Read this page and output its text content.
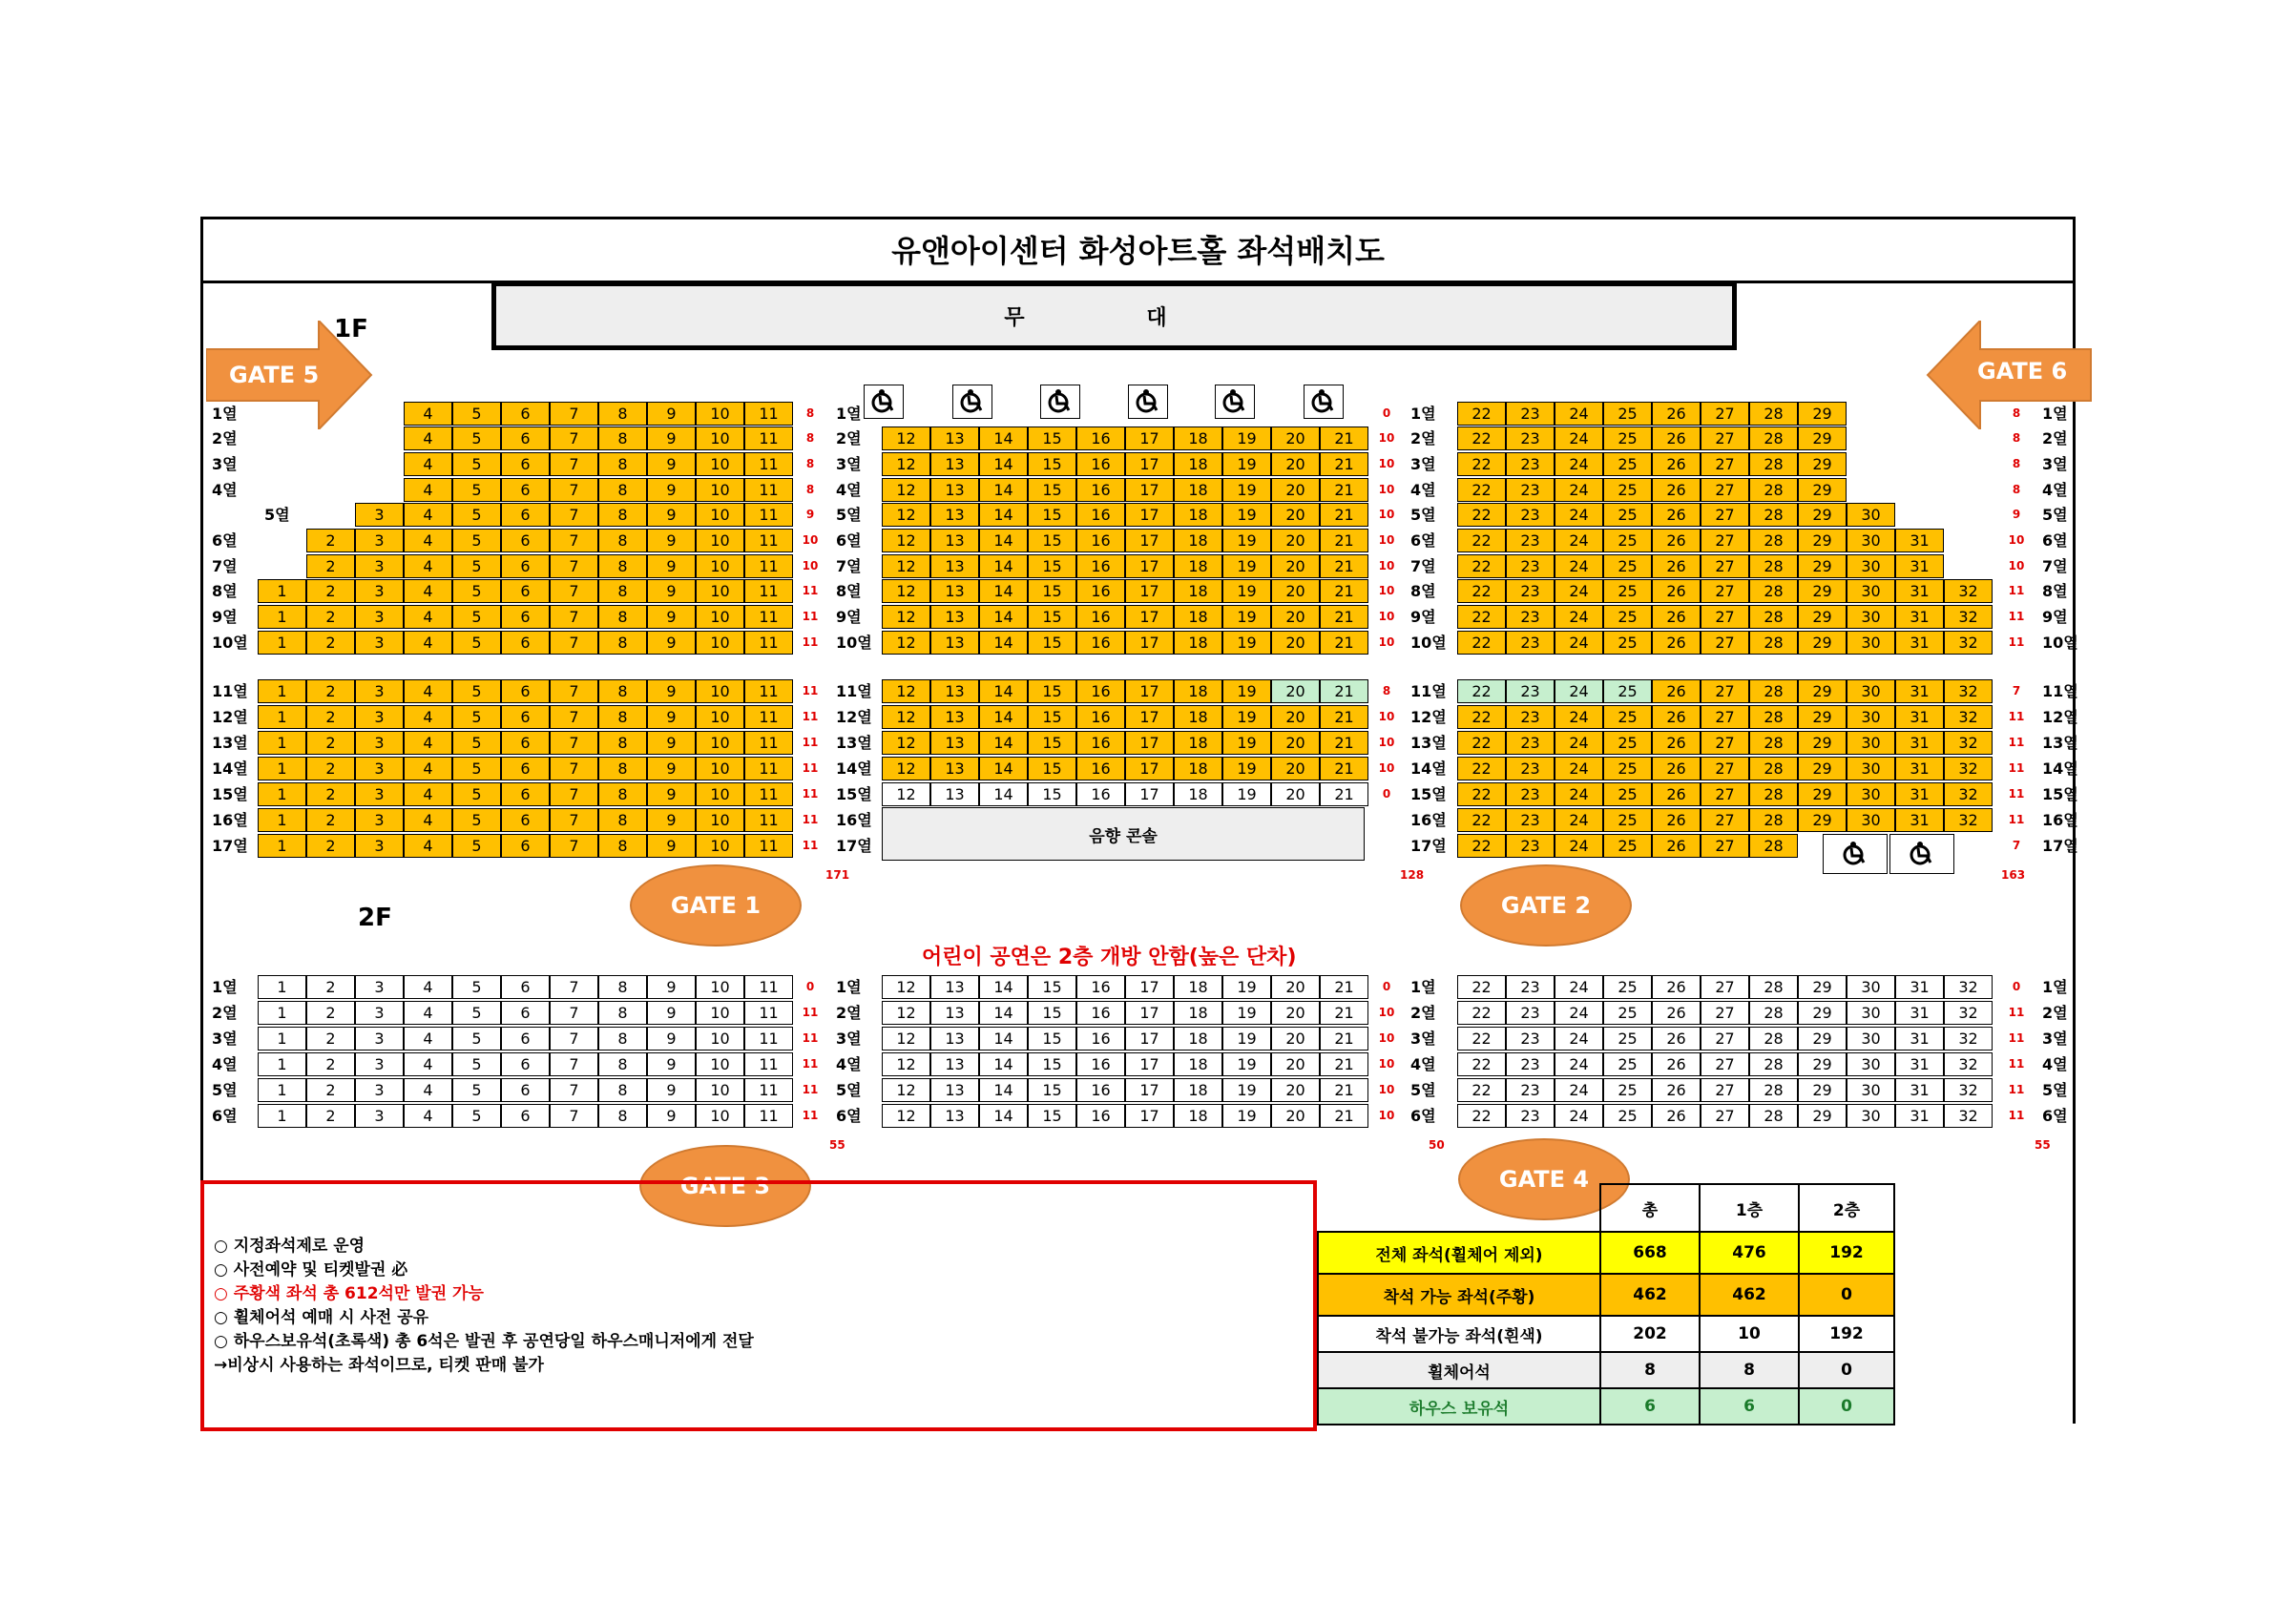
유앤아이센터 화성아트홀 좌석배치도
무 대
1F
2F
GATE 5	GATE 6
GATE 1	GATE 2
GATE 3	GATE 4
음향 콘솔
어린이 공연은 2층 개방 안함(높은 단차)
1열	4	5	6	7	8	9	10	11	8	1열	0	1열	22	23	24	25	26	27	28	29	8	1열
2열	4	5	6	7	8	9	10	11	8	2열	12	13	14	15	16	17	18	19	20	21	10 2열	22	23	24	25	26	27	28	29	8	2열
3열	4	5	6	7	8	9	10	11	8	3열	12	13	14	15	16	17	18	19	20	21	10 3열	22	23	24	25	26	27	28	29	8	3열
4열	4	5	6	7	8	9	10	11	8	4열	12	13	14	15	16	17	18	19	20	21	10 4열	22	23	24	25	26	27	28	29	8	4열
5열	3	4	5	6	7	8	9	10	11	9	5열	12	13	14	15	16	17	18	19	20	21	10 5열	22	23	24	25	26	27	28	29	30	9	5열
6열	2	3	4	5	6	7	8	9	10	11	10 6열	12	13	14	15	16	17	18	19	20	21	10 6열	22	23	24	25	26	27	28	29	30	31	10 6열
7열	2	3	4	5	6	7	8	9	10	11	10 7열	12	13	14	15	16	17	18	19	20	21	10 7열	22	23	24	25	26	27	28	29	30	31	10 7열
8열	1	2	3	4	5	6	7	8	9	10	11	11 8열	12	13	14	15	16	17	18	19	20	21	10 8열	22	23	24	25	26	27	28	29	30	31	32	11 8열
9열	1	2	3	4	5	6	7	8	9	10	11	11 9열	12	13	14	15	16	17	18	19	20	21	10 9열	22	23	24	25	26	27	28	29	30	31	32	11 9열
10열	1	2	3	4	5	6	7	8	9	10	11	11 10열	12	13	14	15	16	17	18	19	20	21	10 10열	22	23	24	25	26	27	28	29	30	31	32	11 10열
11열	1	2	3	4	5	6	7	8	9	10	11	11 11열	12	13	14	15	16	17	18	19	20	21	8	11열	22	23	24	25	26	27	28	29	30	31	32	7	11열
12열	1	2	3	4	5	6	7	8	9	10	11	11 12열	12	13	14	15	16	17	18	19	20	21	10 12열	22	23	24	25	26	27	28	29	30	31	32	11 12열
13열	1	2	3	4	5	6	7	8	9	10	11	11 13열	12	13	14	15	16	17	18	19	20	21	10 13열	22	23	24	25	26	27	28	29	30	31	32	11 13열
14열	1	2	3	4	5	6	7	8	9	10	11	11 14열	12	13	14	15	16	17	18	19	20	21	10 14열	22	23	24	25	26	27	28	29	30	31	32	11 14열
15열	1	2	3	4	5	6	7	8	9	10	11	11 15열	12	13	14	15	16	17	18	19	20	21	0	15열	22	23	24	25	26	27	28	29	30	31	32	11 15열
16열	1	2	3	4	5	6	7	8	9	10	11	11 16열	16열	22	23	24	25	26	27	28	29	30	31	32	11 16열
17열	1	2	3	4	5	6	7	8	9	10	11	11 17열	17열	22	23	24	25	26	27	28	7	17열
1열	1	2	3	4	5	6	7	8	9	10	11	0	1열	12	13	14	15	16	17	18	19	20	21	0	1열	22	23	24	25	26	27	28	29	30	31	32	0	1열
2열	1	2	3	4	5	6	7	8	9	10	11	11 2열	12	13	14	15	16	17	18	19	20	21	10 2열	22	23	24	25	26	27	28	29	30	31	32	11 2열
3열	1	2	3	4	5	6	7	8	9	10	11	11 3열	12	13	14	15	16	17	18	19	20	21	10 3열	22	23	24	25	26	27	28	29	30	31	32	11 3열
4열	1	2	3	4	5	6	7	8	9	10	11	11 4열	12	13	14	15	16	17	18	19	20	21	10 4열	22	23	24	25	26	27	28	29	30	31	32	11 4열
5열	1	2	3	4	5	6	7	8	9	10	11	11 5열	12	13	14	15	16	17	18	19	20	21	10 5열	22	23	24	25	26	27	28	29	30	31	32	11 5열
6열	1	2	3	4	5	6	7	8	9	10	11	11 6열	12	13	14	15	16	17	18	19	20	21	10 6열	22	23	24	25	26	27	28	29	30	31	32	11 6열
171	128	163
55	50	55
○ 지정좌석제로 운영
○ 사전예약 및 티켓발권 必
○ 주황색 좌석 총 612석만 발권 가능
○ 휠체어석 예매 시 사전 공유
○ 하우스보유석(초록색) 총 6석은 발권 후 공연당일 하우스매니저에게 전달
→비상시 사용하는 좌석이므로, 티켓 판매 불가
	총	1층	2층
전체 좌석(휠체어 제외)	668	476	192
착석 가능 좌석(주황)	462	462	0
착석 불가능 좌석(흰색)	202	10	192
휠체어석	8	8	0
하우스 보유석	6	6	0
